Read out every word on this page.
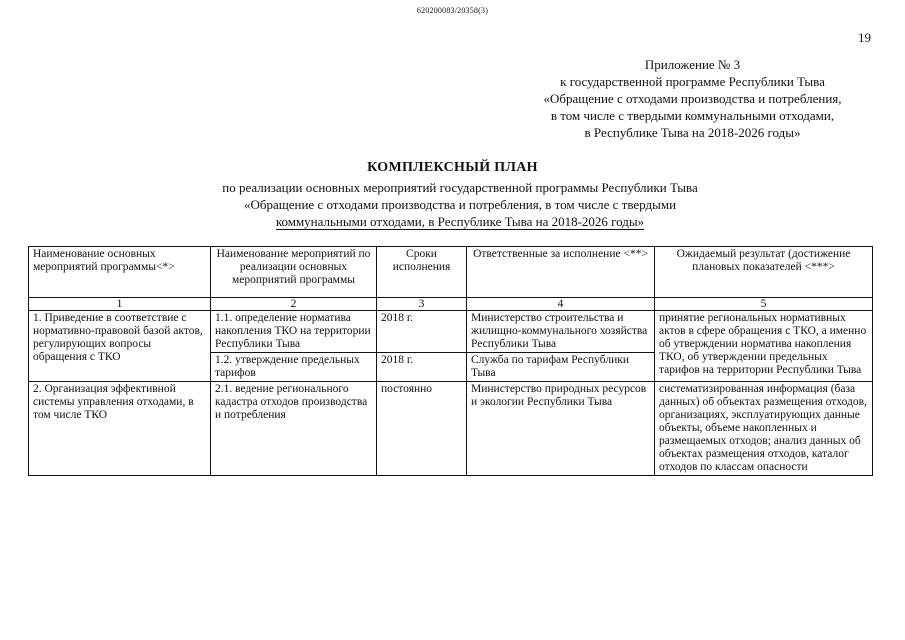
620200083/20358(3)
19
Приложение № 3
к государственной программе Республики Тыва
«Обращение с отходами производства и потребления,
в том числе с твердыми коммунальными отходами,
в Республике Тыва на 2018-2026 годы»
КОМПЛЕКСНЫЙ ПЛАН
по реализации основных мероприятий государственной программы Республики Тыва
«Обращение с отходами производства и потребления, в том числе с твердыми
коммунальными отходами, в Республике Тыва на 2018-2026 годы»
Наименование основных мероприятий программы<*>	Наименование мероприятий по реализации основных мероприятий программы	Сроки исполнения	Ответственные за исполнение <**>	Ожидаемый результат (достижение плановых показателей <***>
1	2	3	4	5
1. Приведение в соответствие с нормативно-правовой базой актов, регулирующих вопросы обращения с ТКО	1.1. определение норматива накопления ТКО на территории Республики Тыва	2018 г.	Министерство строительства и жилищно-коммунального хозяйства Республики Тыва	принятие региональных нормативных актов в сфере обращения с ТКО, а именно об утверждении норматива накопления ТКО, об утверждении предельных тарифов на территории Республики Тыва
	1.2. утверждение предельных тарифов	2018 г.	Служба по тарифам Республики Тыва	
2. Организация эффективной системы управления отходами, в том числе ТКО	2.1. ведение регионального кадастра отходов производства и потребления	постоянно	Министерство природных ресурсов и экологии Республики Тыва	систематизированная информация (база данных) об объектах размещения отходов, организациях, эксплуатирующих данные объекты, объеме накопленных и размещаемых отходов; анализ данных об объектах размещения отходов, каталог отходов по классам опасности
